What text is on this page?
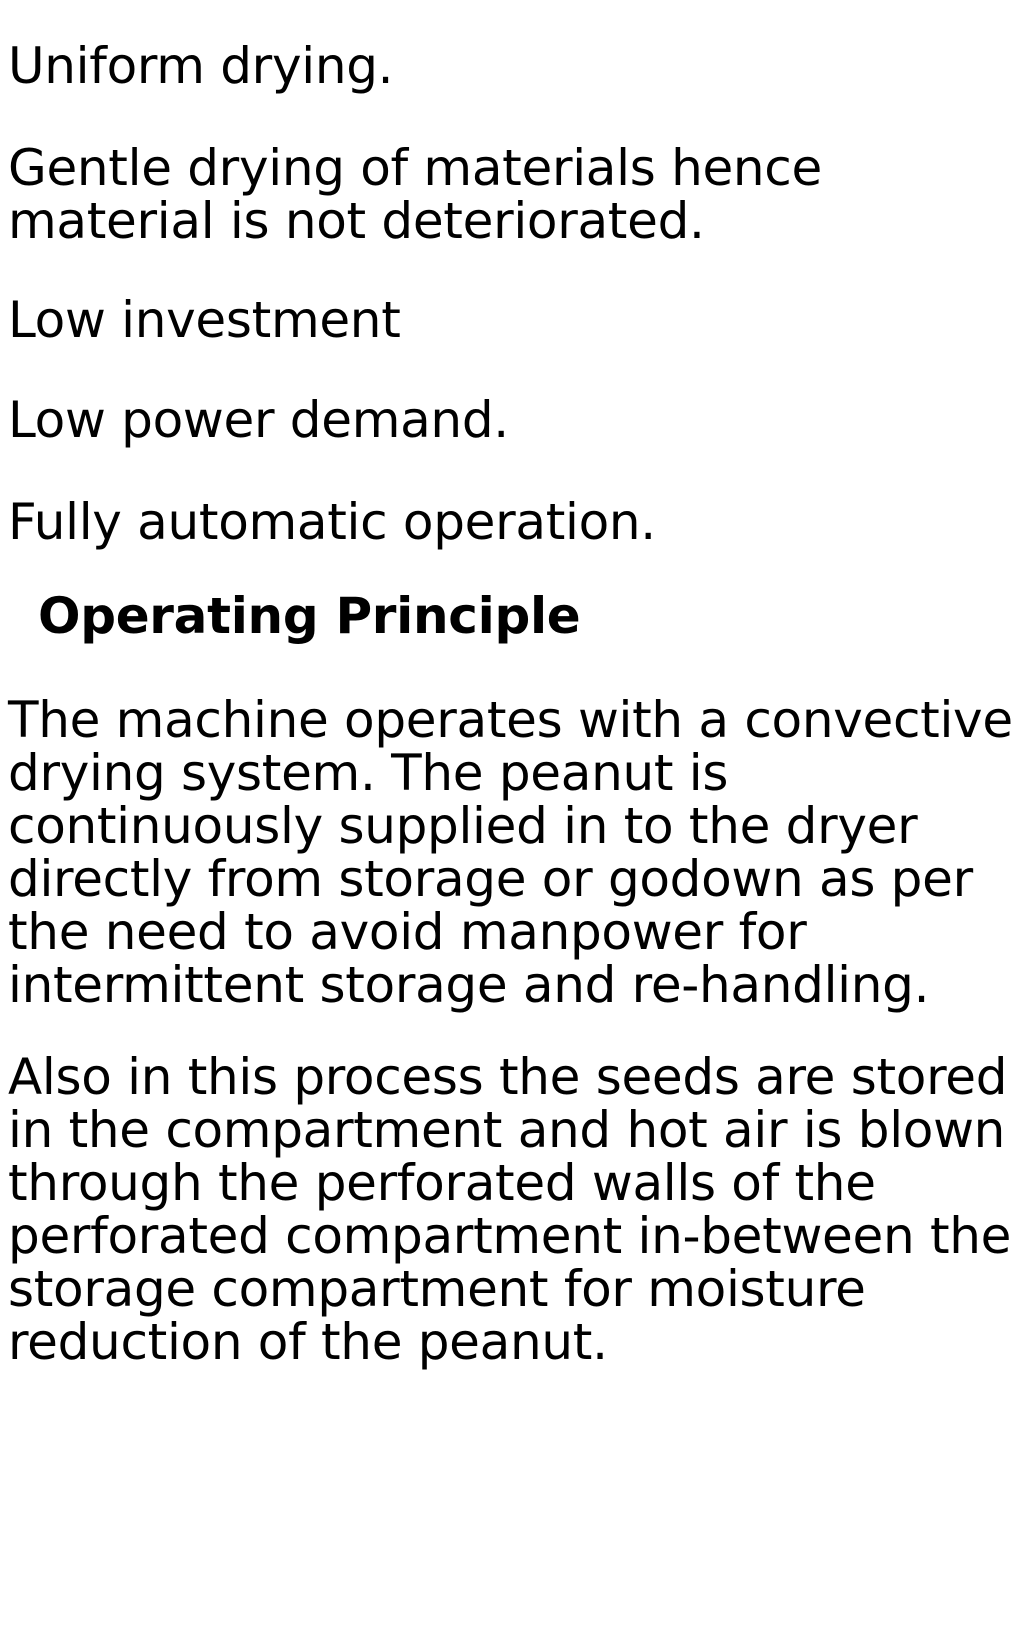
Uniform drying.
Gentle drying of materials hence
material is not deteriorated.
Low investment
Low power demand.
Fully automatic operation.
Operating Principle
The machine operates with a convective
drying system. The peanut is
continuously supplied in to the dryer
directly from storage or godown as per
the need to avoid manpower for
intermittent storage and re-handling.
Also in this process the seeds are stored
in the compartment and hot air is blown
through the perforated walls of the
perforated compartment in-between the
storage compartment for moisture
reduction of the peanut.
